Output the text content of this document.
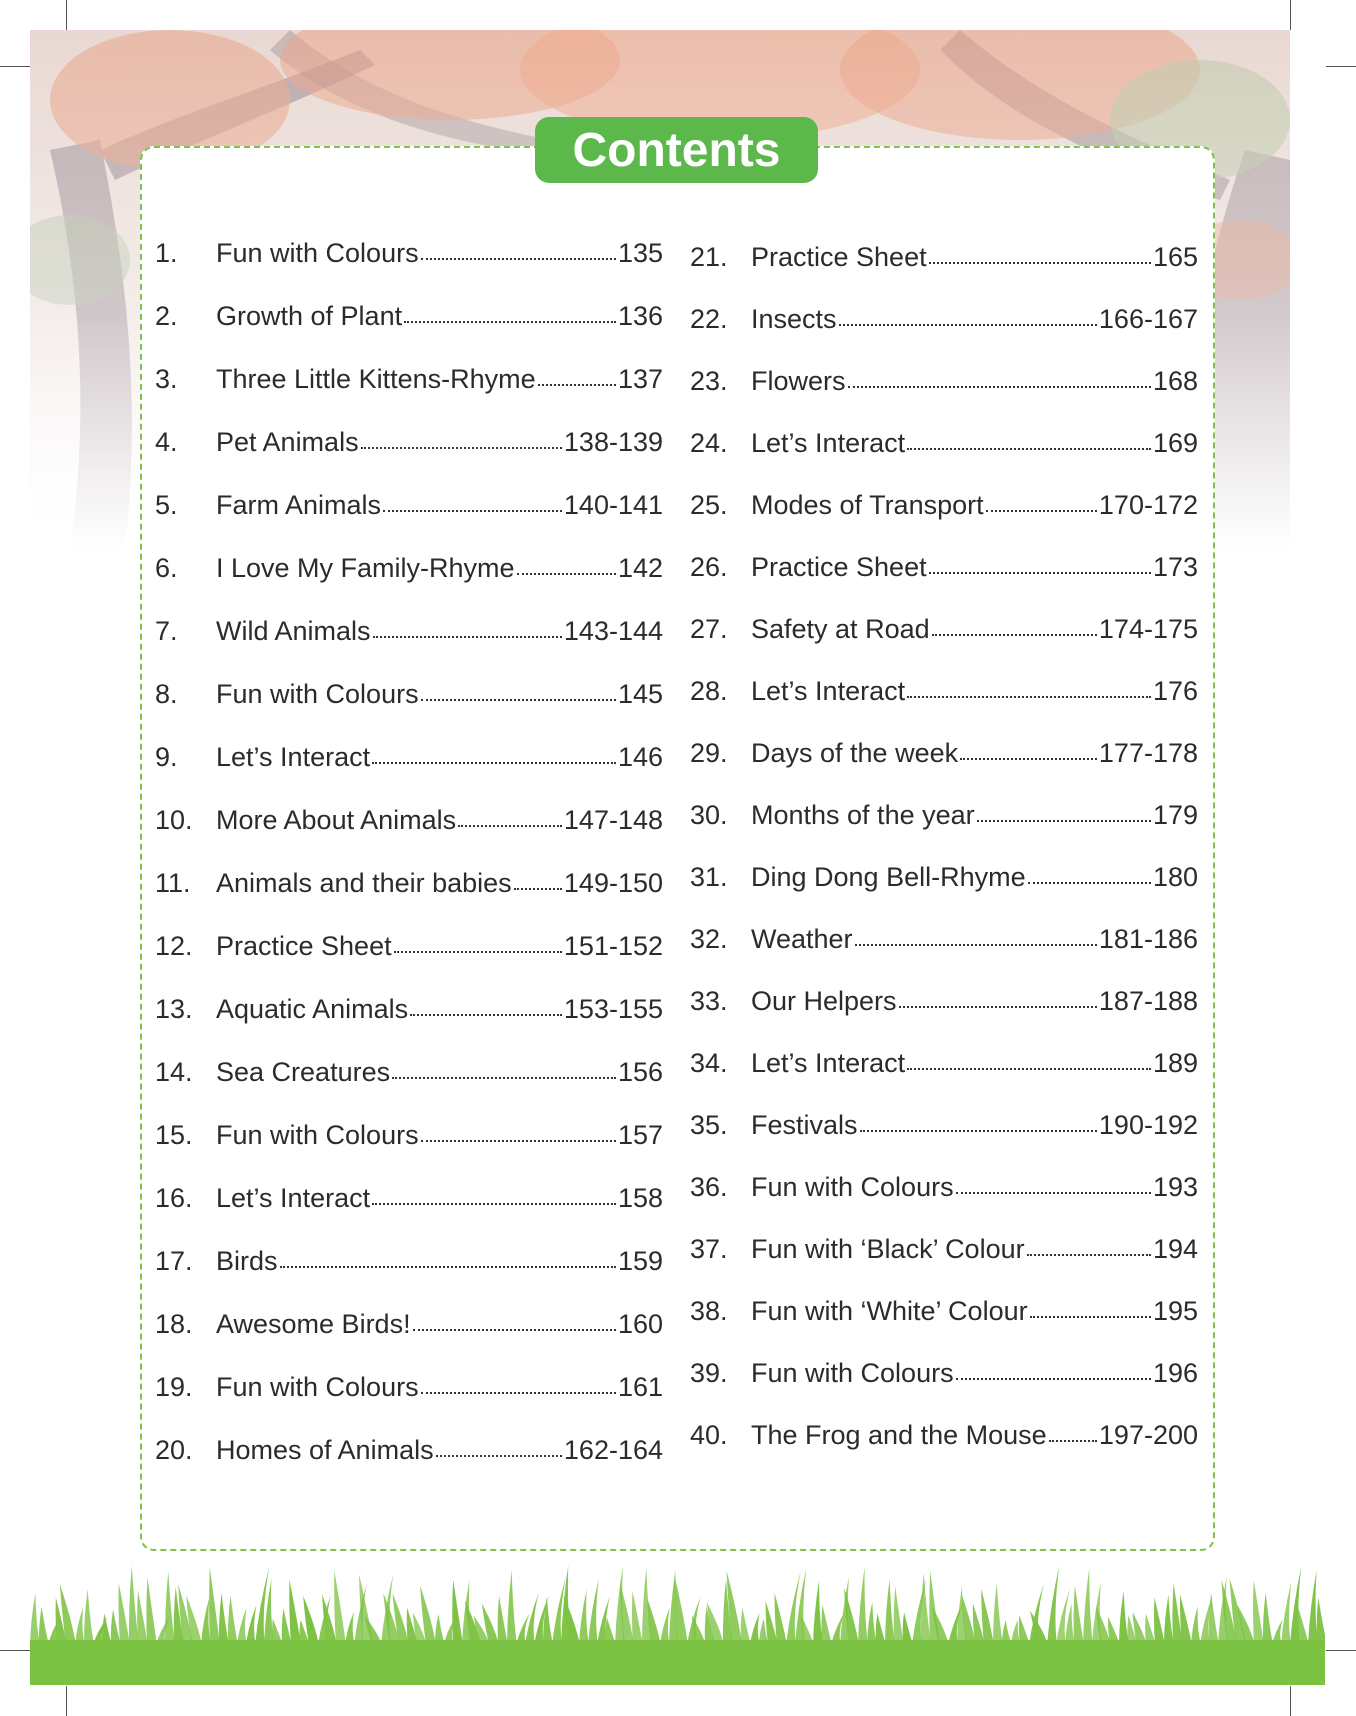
Contents
1.	Fun with Colours	135
2.	Growth of Plant	136
3.	Three Little Kittens-Rhyme	137
4.	Pet Animals	138-139
5.	Farm Animals	140-141
6.	I Love My Family-Rhyme	142
7.	Wild Animals	143-144
8.	Fun with Colours	145
9.	Let’s Interact	146
10. More About Animals	147-148
11. Animals and their babies 149-150
12. Practice Sheet	151-152
13. Aquatic Animals	153-155
14. Sea Creatures	156
15. Fun with Colours	157
16. Let’s Interact	158
17. Birds	159
18. Awesome Birds!	160
19. Fun with Colours	161
20. Homes of Animals	162-164
21. Practice Sheet	165
22. Insects	166-167
23. Flowers	168
24. Let’s Interact	169
25. Modes of Transport	170-172
26. Practice Sheet	173
27. Safety at Road	174-175
28. Let’s Interact	176
29. Days of the week	177-178
30. Months of the year	179
31. Ding Dong Bell-Rhyme	180
32. Weather	181-186
33. Our Helpers	187-188
34. Let’s Interact	189
35. Festivals	190-192
36. Fun with Colours	193
37. Fun with ‘Black’ Colour	194
38. Fun with ‘White’ Colour	195
39. Fun with Colours	196
40. The Frog and the Mouse 197-200
